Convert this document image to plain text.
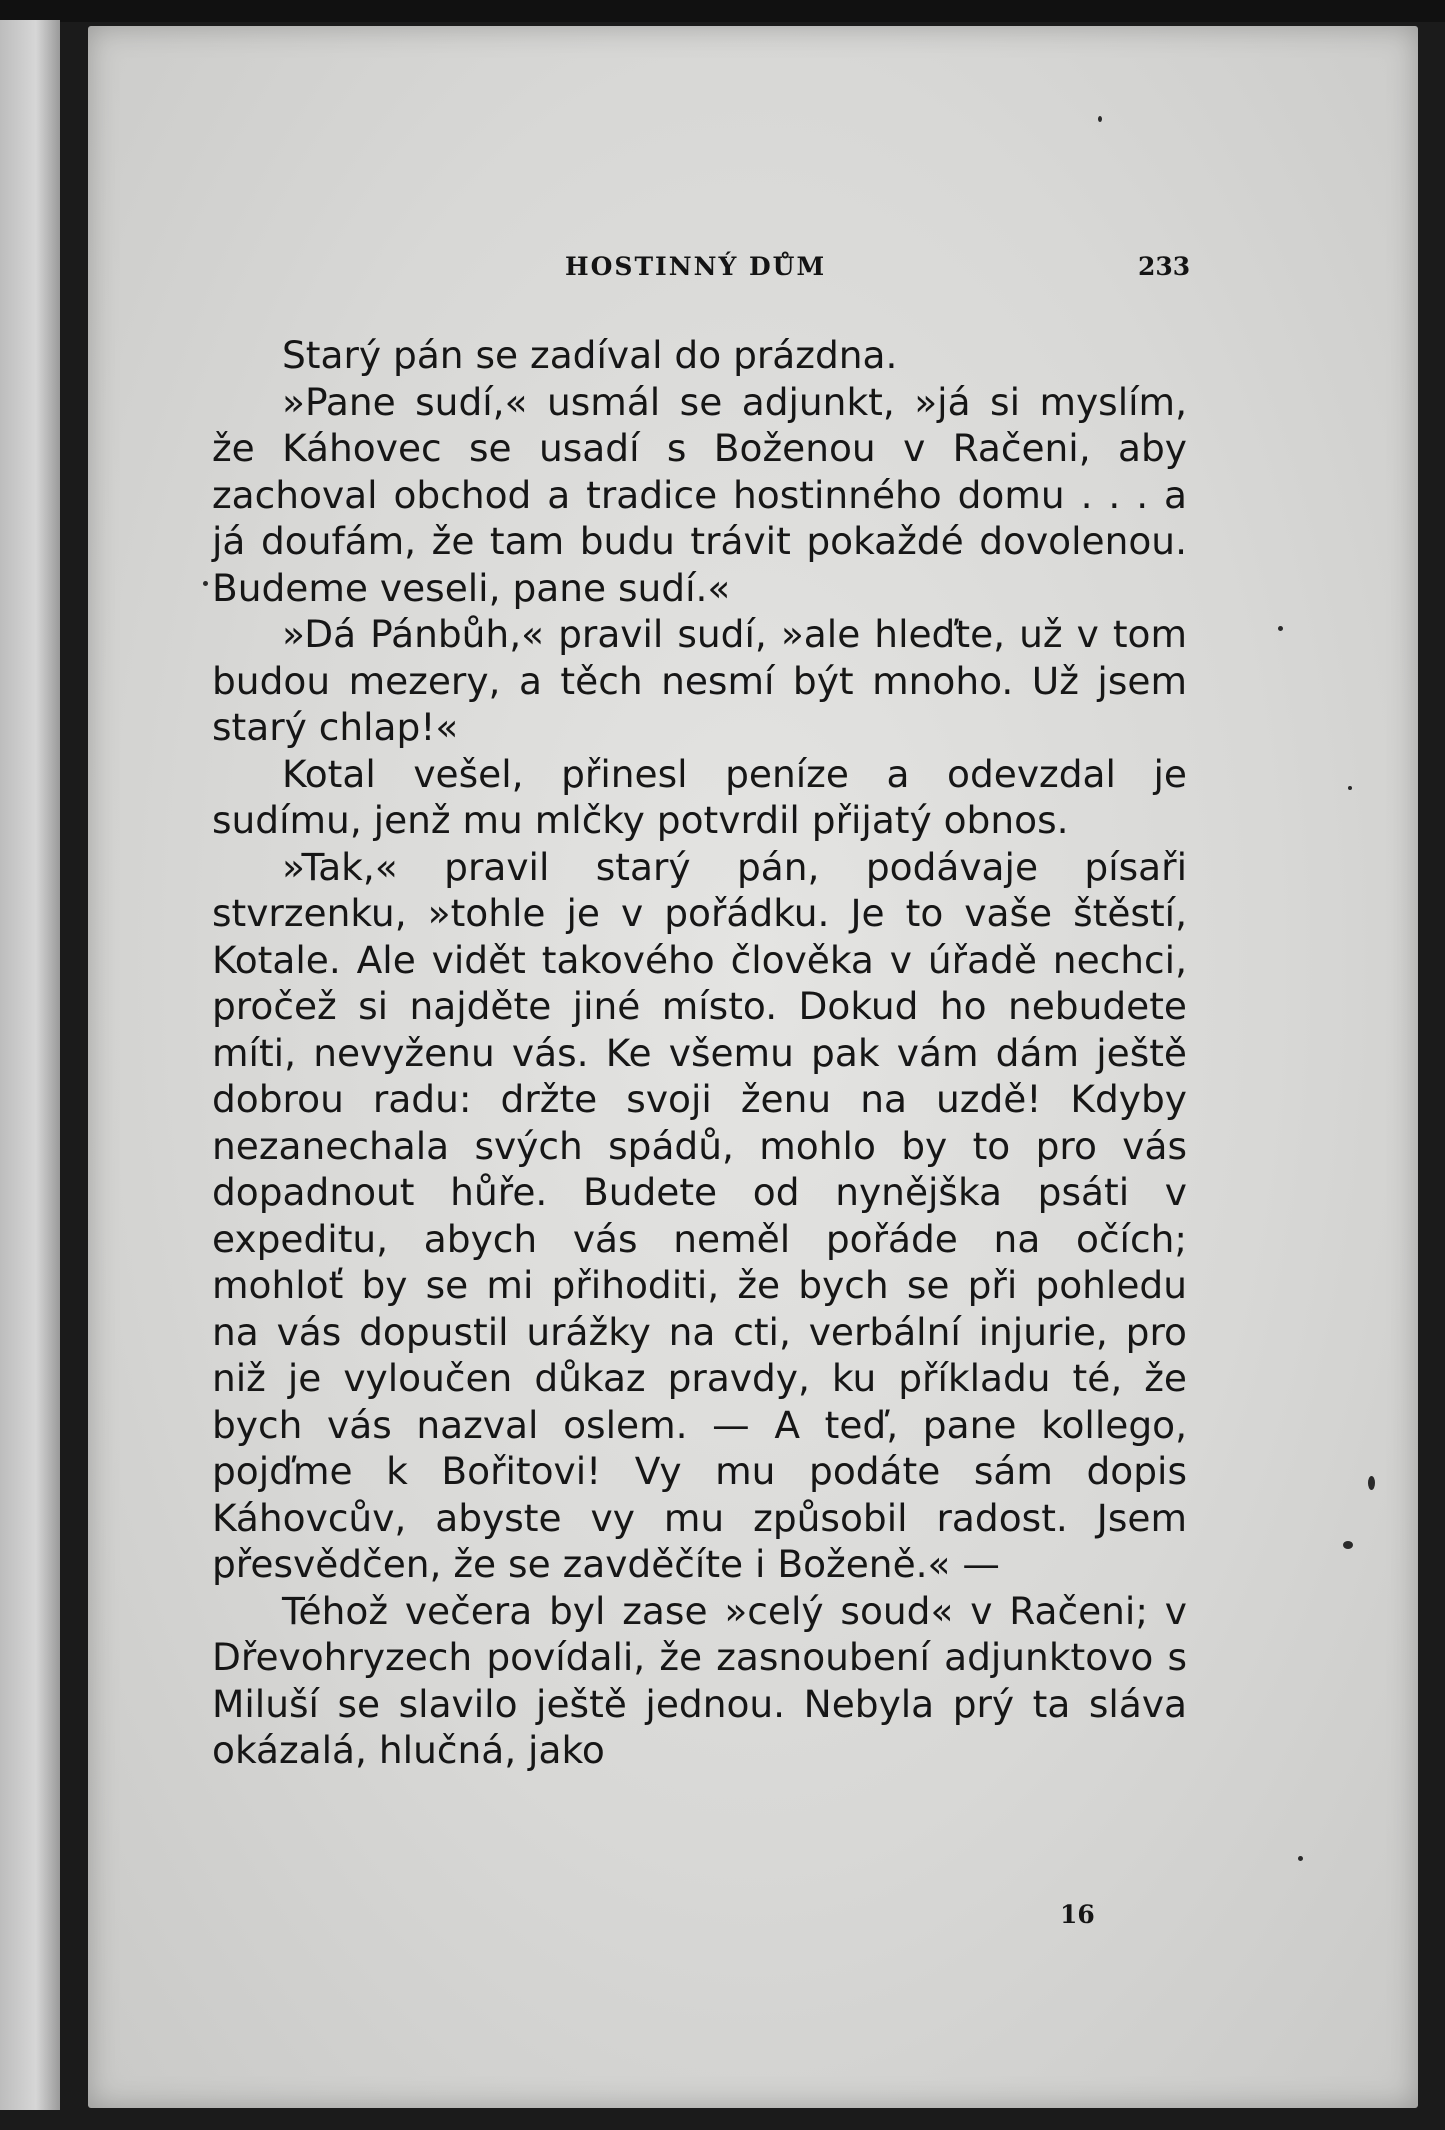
HOSTINNÝ DŮM	233

Starý pán se zadíval do prázdna.

»Pane sudí,« usmál se adjunkt, »já si myslím, že Káhovec se usadí s Boženou v Račeni, aby zachoval obchod a tradice hostinného domu . . . a já doufám, že tam budu trávit pokaždé dovolenou. Budeme veseli, pane sudí.«

»Dá Pánbůh,« pravil sudí, »ale hleďte, už v tom budou mezery, a těch nesmí být mnoho. Už jsem starý chlap!«

Kotal vešel, přinesl peníze a odevzdal je sudímu, jenž mu mlčky potvrdil přijatý obnos.

»Tak,« pravil starý pán, podávaje písaři stvrzenku, »tohle je v pořádku. Je to vaše štěstí, Kotale. Ale vidět takového člověka v úřadě nechci, pročež si najděte jiné místo. Dokud ho nebudete míti, nevyženu vás. Ke všemu pak vám dám ještě dobrou radu: držte svoji ženu na uzdě! Kdyby nezanechala svých spádů, mohlo by to pro vás dopadnout hůře. Budete od nynějška psáti v expeditu, abych vás neměl pořáde na očích; mohloť by se mi přihoditi, že bych se při pohledu na vás dopustil urážky na cti, verbální injurie, pro niž je vyloučen důkaz pravdy, ku příkladu té, že bych vás nazval oslem. — A teď, pane kollego, pojďme k Bořitovi! Vy mu podáte sám dopis Káhovcův, abyste vy mu způsobil radost. Jsem přesvědčen, že se zavděčíte i Boženě.« —

Téhož večera byl zase »celý soud« v Račeni; v Dřevohryzech povídali, že zasnoubení adjunktovo s Miluší se slavilo ještě jednou. Nebyla prý ta sláva okázalá, hlučná, jako

16
